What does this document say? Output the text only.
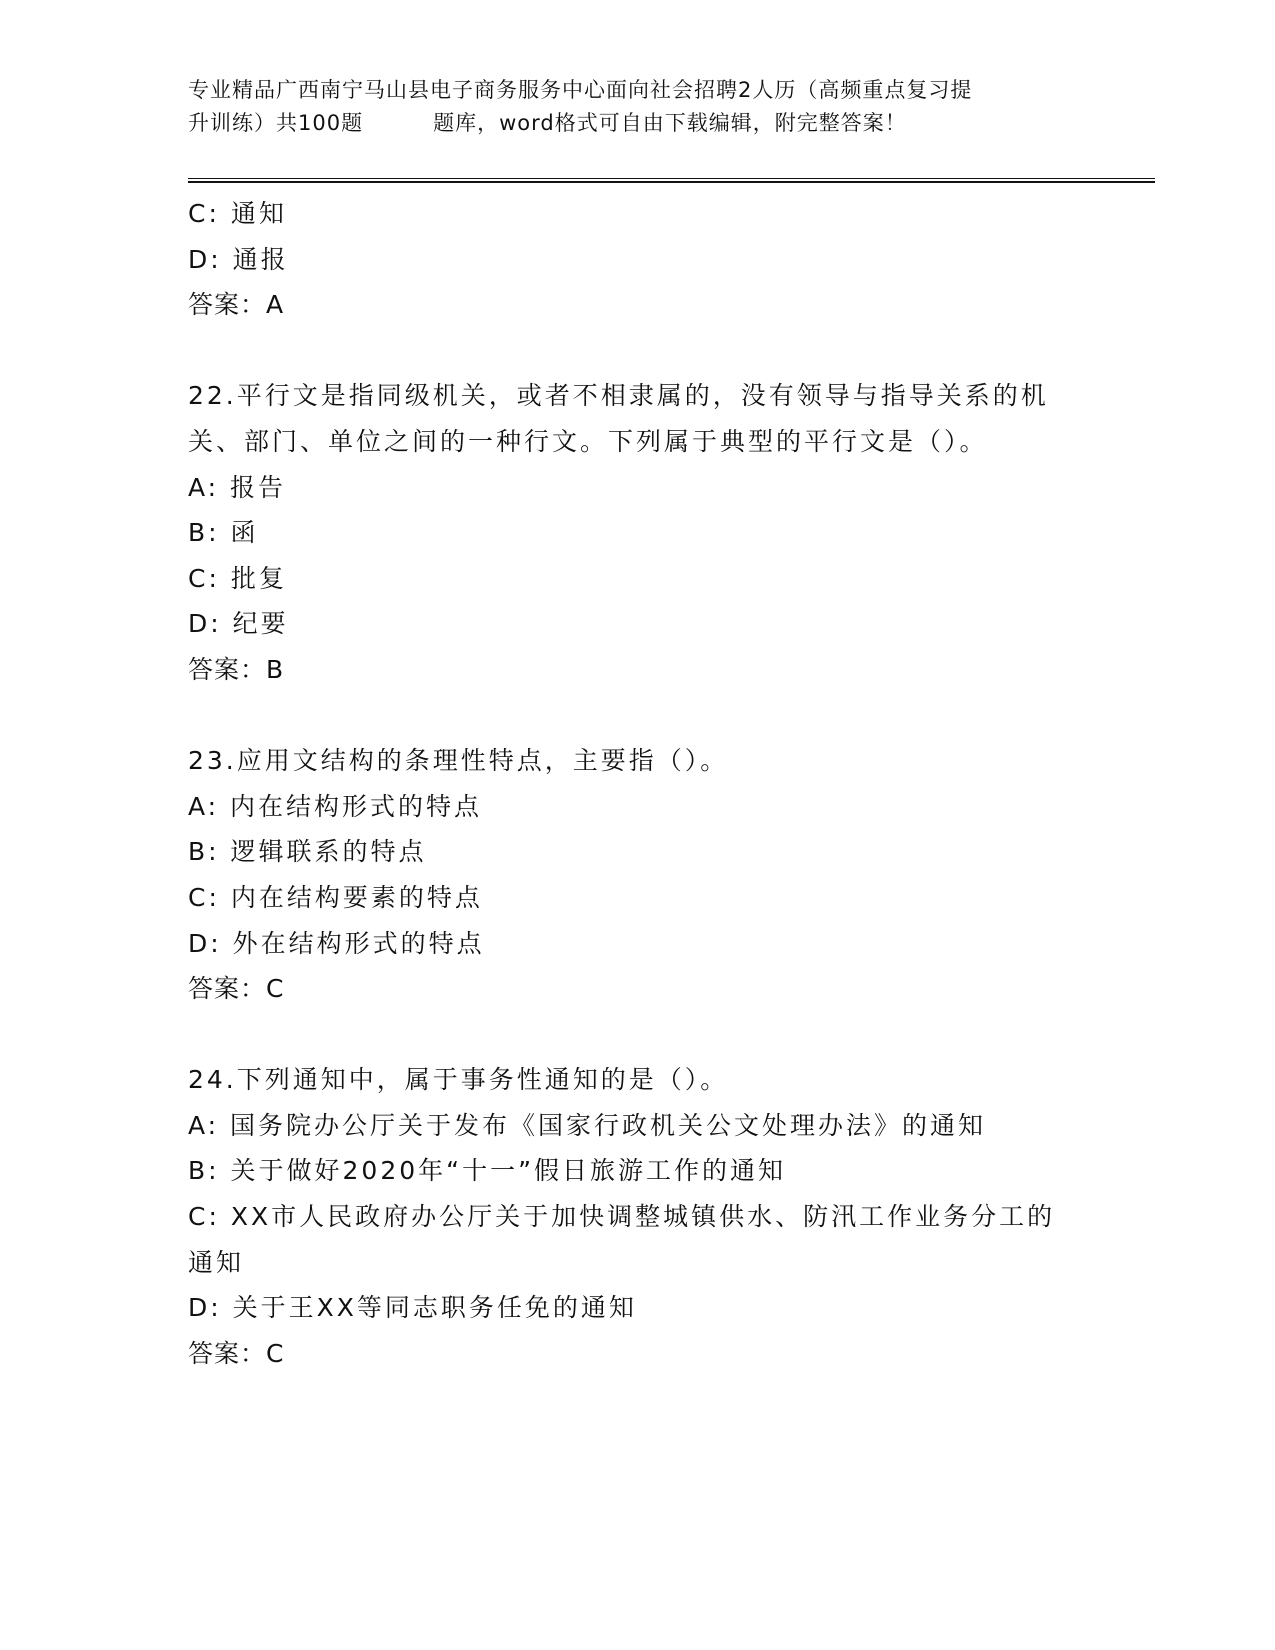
专业精品广西南宁马山县电子商务服务中心面向社会招聘2人历（高频重点复习提
升训练）共100题	题库，word格式可自由下载编辑，附完整答案！
C: 通知
D: 通报
答案：A
22.平行文是指同级机关，或者不相隶属的，没有领导与指导关系的机
关、部门、单位之间的一种行文。下列属于典型的平行文是（）。
A: 报告
B: 函
C: 批复
D: 纪要
答案：B
23.应用文结构的条理性特点，主要指（）。
A: 内在结构形式的特点
B: 逻辑联系的特点
C: 内在结构要素的特点
D: 外在结构形式的特点
答案：C
24.下列通知中，属于事务性通知的是（）。
A: 国务院办公厅关于发布《国家行政机关公文处理办法》的通知
B: 关于做好2020年“十一”假日旅游工作的通知
C: XX市人民政府办公厅关于加快调整城镇供水、防汛工作业务分工的
通知
D: 关于王XX等同志职务任免的通知
答案：C
